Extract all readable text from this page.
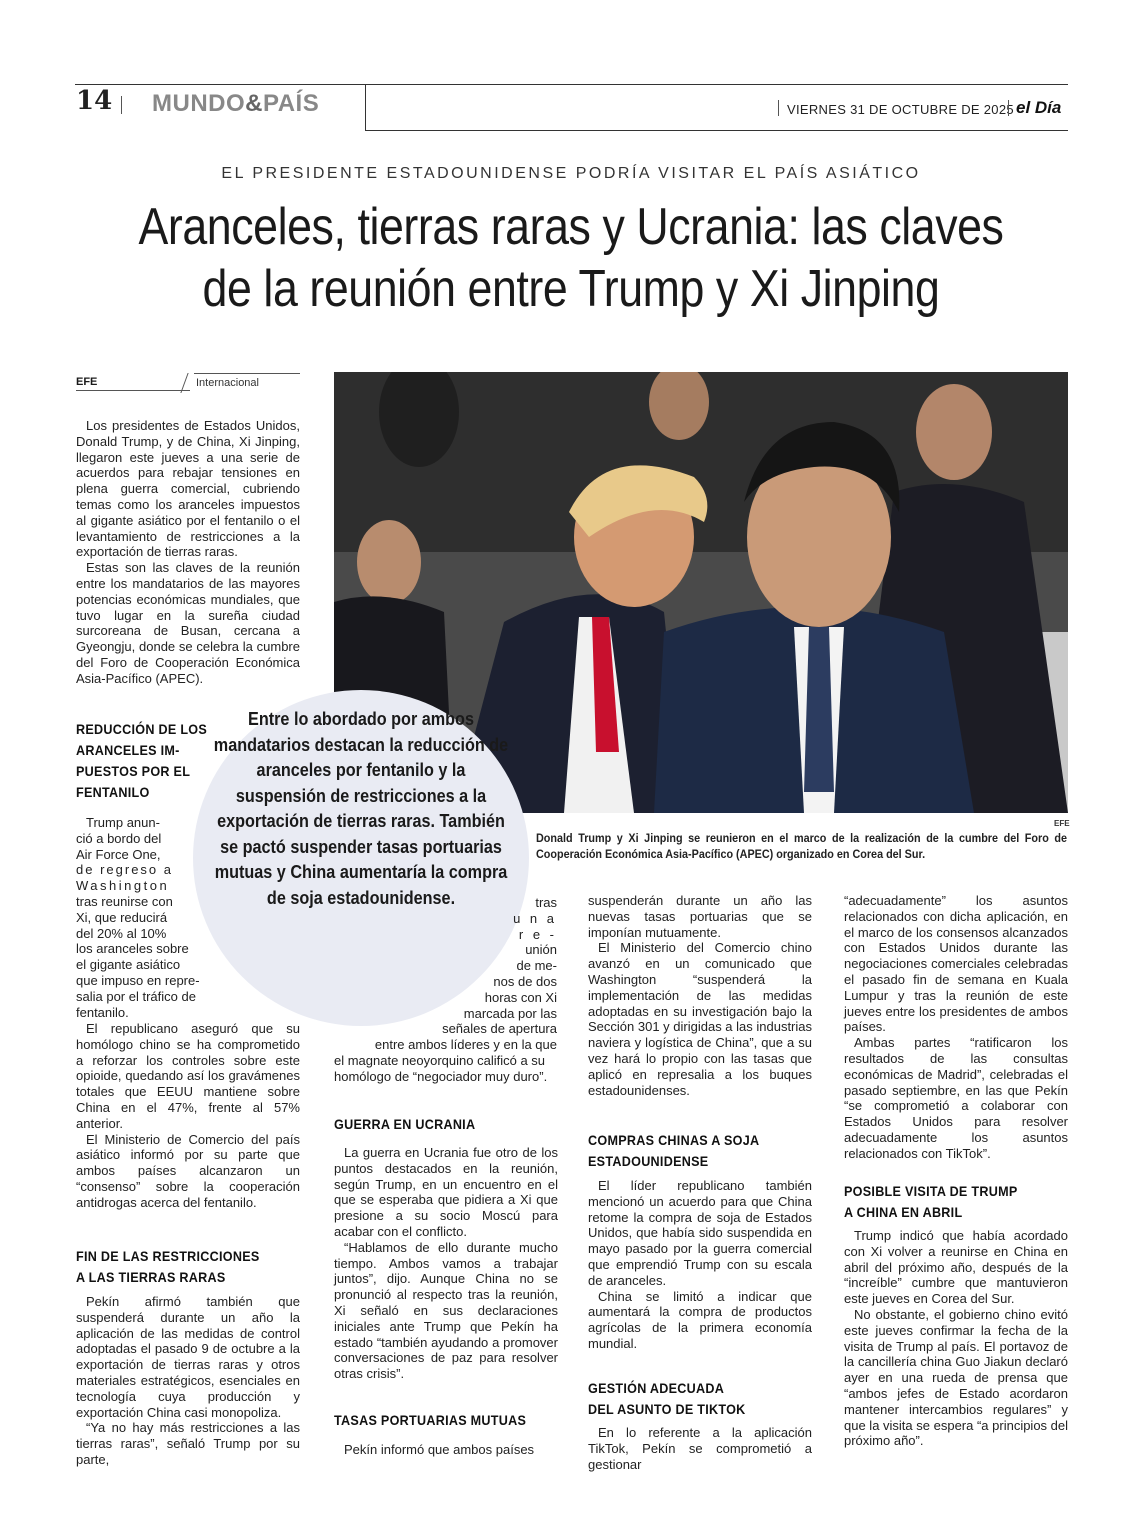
14 MUNDO&PAÍS	VIERNES 31 DE OCTUBRE DE 2025 el Día
EL PRESIDENTE ESTADOUNIDENSE PODRÍA VISITAR EL PAÍS ASIÁTICO
Aranceles, tierras raras y Ucrania: las claves
de la reunión entre Trump y Xi Jinping
EFE	Internacional
EFE
Donald Trump y Xi Jinping se reunieron en el marco de la realización de la cumbre del Foro de Cooperación Económica Asia-Pacífico (APEC) organizado en Corea del Sur.

Los presidentes de Estados Unidos, Donald Trump, y de China, Xi Jinping, llegaron este jueves a una serie de acuerdos para rebajar tensiones en plena guerra comercial, cubriendo temas como los aranceles impuestos al gigante asiático por el fentanilo o el levantamiento de restricciones a la exportación de tierras raras.

Estas son las claves de la reunión entre los mandatarios de las mayores potencias económicas mundiales, que tuvo lugar en la sureña ciudad surcoreana de Busan, cercana a Gyeongju, donde se celebra la cumbre del Foro de Cooperación Económica Asia-Pacífico (APEC).

REDUCCIÓN DE LOS
ARANCELES IM-
PUESTOS POR EL
FENTANILO
Trump anun-
ció a bordo del
Air Force One,
de regreso a
Washington
tras reunirse con
Xi, que reducirá
del 20% al 10%
los aranceles sobre
el gigante asiático
que impuso en repre-
salia por el tráfico de
fentanilo.

El republicano aseguró que su homólogo chino se ha comprometido a reforzar los controles sobre este opioide, quedando así los gravámenes totales que EEUU mantiene sobre China en el 47%, frente al 57% anterior.

El Ministerio de Comercio del país asiático informó por su parte que ambos países alcanzaron un “consenso” sobre la cooperación antidrogas acerca del fentanilo.

FIN DE LAS RESTRICCIONES
A LAS TIERRAS RARAS

Pekín afirmó también que suspenderá durante un año la aplicación de las medidas de control adoptadas el pasado 9 de octubre a la exportación de tierras raras y otros materiales estratégicos, esenciales en tecnología cuya producción y exportación China casi monopoliza.

“Ya no hay más restricciones a las tierras raras”, señaló Trump por su parte,

Entre lo abordado por ambos mandatarios destacan la reducción de aranceles por fentanilo y la suspensión de restricciones a la exportación de tierras raras. También se pactó suspender tasas portuarias mutuas y China aumentaría la compra de soja estadounidense.	tras
u n a
r e -
unión
de me-
nos de dos
horas con Xi
marcada por las
señales de apertura
entre ambos líderes y en la que
el magnate neoyorquino calificó a su
homólogo de “negociador muy duro”.
GUERRA EN UCRANIA

La guerra en Ucrania fue otro de los puntos destacados en la reunión, según Trump, en un encuentro en el que se esperaba que pidiera a Xi que presione a su socio Moscú para acabar con el conflicto.

“Hablamos de ello durante mucho tiempo. Ambos vamos a trabajar juntos”, dijo. Aunque China no se pronunció al respecto tras la reunión, Xi señaló en sus declaraciones iniciales ante Trump que Pekín ha estado “también ayudando a promover conversaciones de paz para resolver otras crisis”.

TASAS PORTUARIAS MUTUAS

Pekín informó que ambos países

suspenderán durante un año las nuevas tasas portuarias que se imponían mutuamente.

El Ministerio del Comercio chino avanzó en un comunicado que Washington “suspenderá la implementación de las medidas adoptadas en su investigación bajo la Sección 301 y dirigidas a las industrias naviera y logística de China”, que a su vez hará lo propio con las tasas que aplicó en represalia a los buques estadounidenses.

COMPRAS CHINAS A SOJA
ESTADOUNIDENSE

El líder republicano también mencionó un acuerdo para que China retome la compra de soja de Estados Unidos, que había sido suspendida en mayo pasado por la guerra comercial que emprendió Trump con su escala de aranceles.

China se limitó a indicar que aumentará la compra de productos agrícolas de la primera economía mundial.

GESTIÓN ADECUADA
DEL ASUNTO DE TIKTOK

En lo referente a la aplicación TikTok, Pekín se comprometió a gestionar

“adecuadamente” los asuntos relacionados con dicha aplicación, en el marco de los consensos alcanzados con Estados Unidos durante las negociaciones comerciales celebradas el pasado fin de semana en Kuala Lumpur y tras la reunión de este jueves entre los presidentes de ambos países.

Ambas partes “ratificaron los resultados de las consultas económicas de Madrid”, celebradas el pasado septiembre, en las que Pekín “se comprometió a colaborar con Estados Unidos para resolver adecuadamente los asuntos relacionados con TikTok”.

POSIBLE VISITA DE TRUMP
A CHINA EN ABRIL

Trump indicó que había acordado con Xi volver a reunirse en China en abril del próximo año, después de la “increíble” cumbre que mantuvieron este jueves en Corea del Sur.

No obstante, el gobierno chino evitó este jueves confirmar la fecha de la visita de Trump al país. El portavoz de la cancillería china Guo Jiakun declaró ayer en una rueda de prensa que “ambos jefes de Estado acordaron mantener intercambios regulares” y que la visita se espera “a principios del próximo año”.
